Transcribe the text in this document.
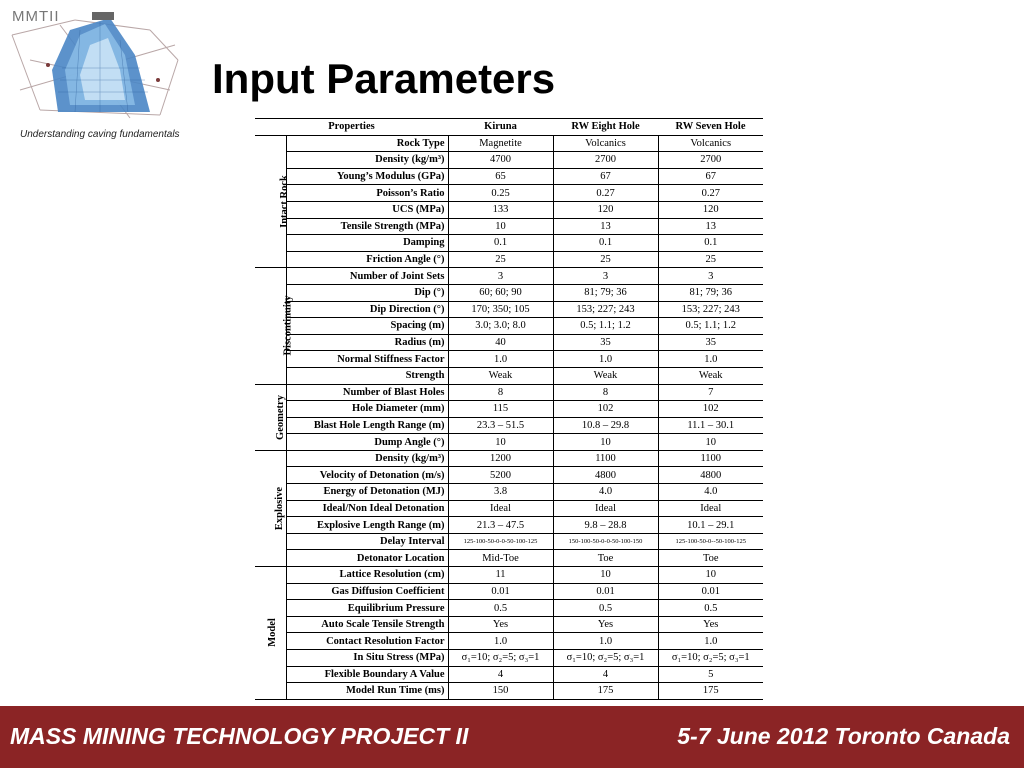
MMTII
Understanding caving fundamentals
Input Parameters
Properties		Kiruna	RW Eight Hole	RW Seven Hole
Intact Rock	Rock Type	Magnetite	Volcanics	Volcanics
	Density (kg/m³)	4700	2700	2700
	Young’s Modulus (GPa)	65	67	67
	Poisson’s Ratio	0.25	0.27	0.27
	UCS (MPa)	133	120	120
	Tensile Strength (MPa)	10	13	13
	Damping	0.1	0.1	0.1
	Friction Angle (°)	25	25	25
Discontinuity	Number of Joint Sets	3	3	3
	Dip (°)	60; 60; 90	81; 79; 36	81; 79; 36
	Dip Direction (°)	170; 350; 105	153; 227; 243	153; 227; 243
	Spacing (m)	3.0; 3.0; 8.0	0.5; 1.1; 1.2	0.5; 1.1; 1.2
	Radius (m)	40	35	35
	Normal Stiffness Factor	1.0	1.0	1.0
	Strength	Weak	Weak	Weak
Geometry	Number of Blast Holes	8	8	7
	Hole Diameter (mm)	115	102	102
	Blast Hole Length Range (m)	23.3 – 51.5	10.8 – 29.8	11.1 – 30.1
	Dump Angle (°)	10	10	10
Explosive	Density (kg/m³)	1200	1100	1100
	Velocity of Detonation (m/s)	5200	4800	4800
	Energy of Detonation (MJ)	3.8	4.0	4.0
	Ideal/Non Ideal Detonation	Ideal	Ideal	Ideal
	Explosive Length Range (m)	21.3 – 47.5	9.8 – 28.8	10.1 – 29.1
	Delay Interval	125-100-50-0-0-50-100-125	150-100-50-0-0-50-100-150	125-100-50-0--50-100-125
	Detonator Location	Mid-Toe	Toe	Toe
Model	Lattice Resolution (cm)	11	10	10
	Gas Diffusion Coefficient	0.01	0.01	0.01
	Equilibrium Pressure	0.5	0.5	0.5
	Auto Scale Tensile Strength	Yes	Yes	Yes
	Contact Resolution Factor	1.0	1.0	1.0
	In Situ Stress (MPa)	σ₁=10; σ₂=5; σ₃=1	σ₁=10; σ₂=5; σ₃=1	σ₁=10; σ₂=5; σ₃=1
	Flexible Boundary A Value	4	4	5
	Model Run Time (ms)	150	175	175
MASS MINING TECHNOLOGY PROJECT II	5-7 June 2012 Toronto Canada
